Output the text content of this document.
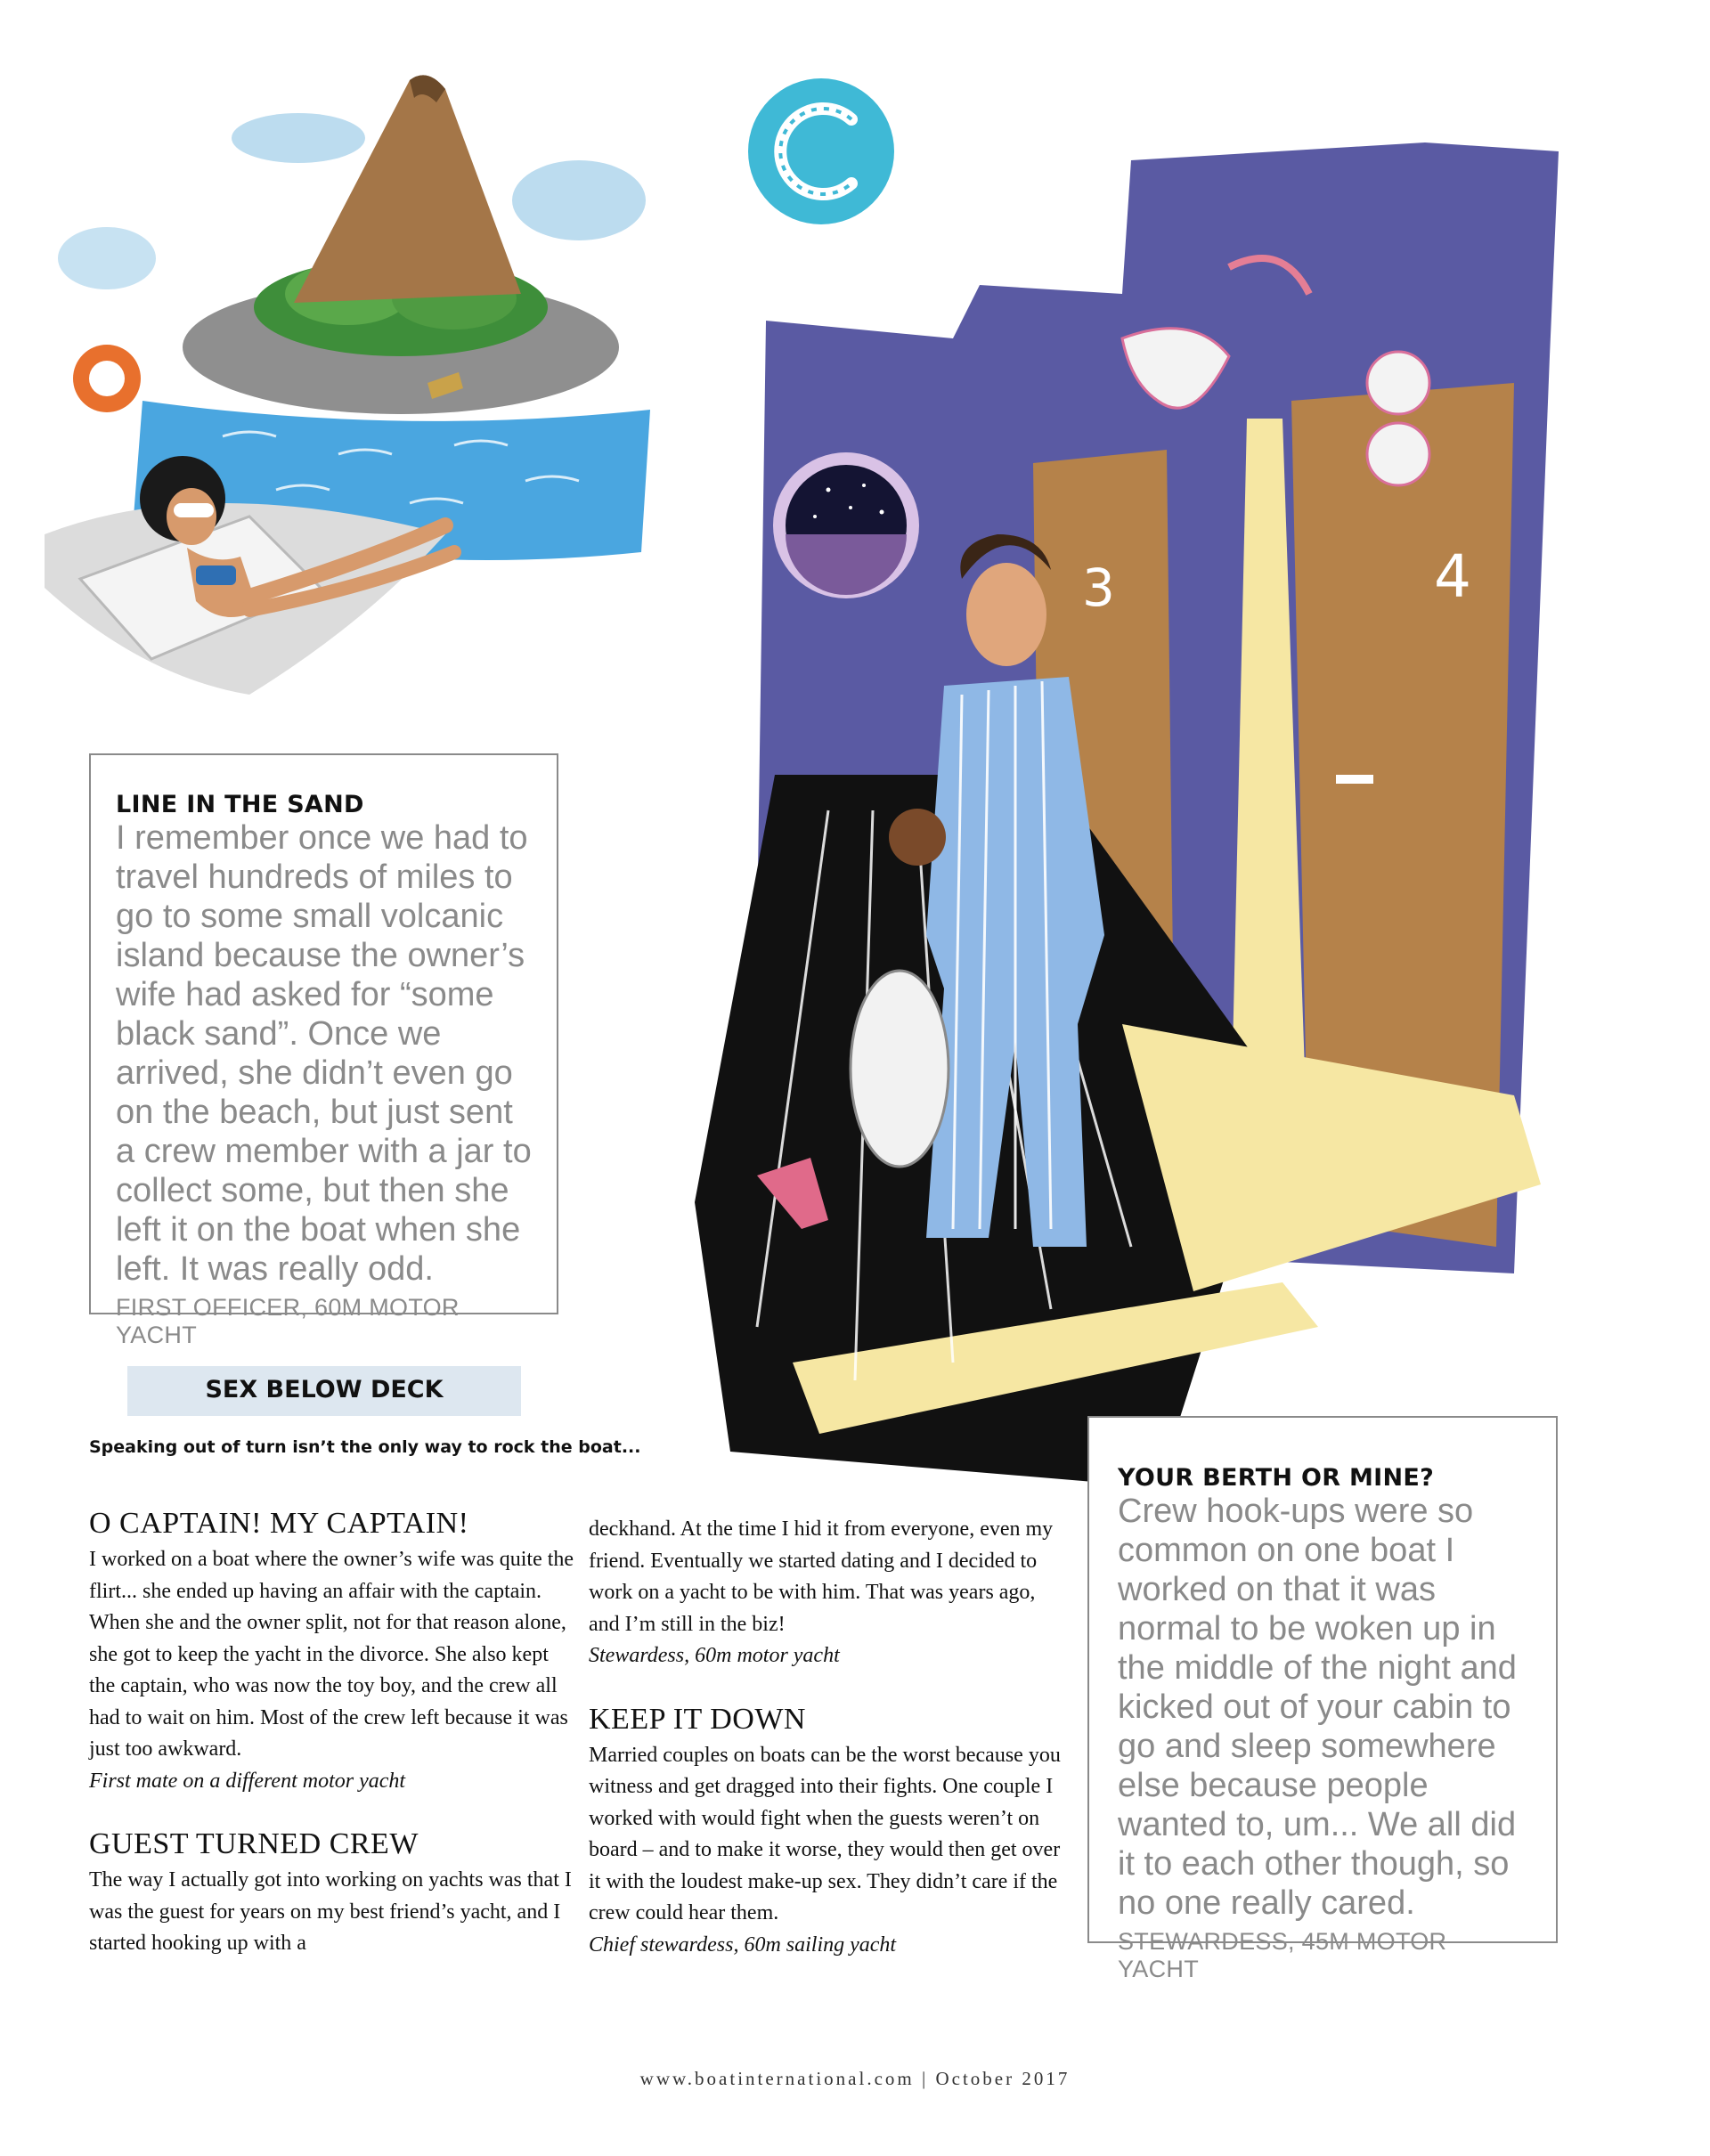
3	4
LINE IN THE SAND
I remember once we had to travel hundreds of miles to go to some small volcanic island because the owner’s wife had asked for “some black sand”. Once we arrived, she didn’t even go on the beach, but just sent a crew member with a jar to collect some, but then she left it on the boat when she left. It was really odd.
FIRST OFFICER, 60M MOTOR YACHT
SEX BELOW DECK
Speaking out of turn isn’t the only way to rock the boat...
O CAPTAIN! MY CAPTAIN!

I worked on a boat where the owner’s wife was quite the flirt... she ended up having an affair with the captain. When she and the owner split, not for that reason alone, she got to keep the yacht in the divorce. She also kept the captain, who was now the toy boy, and the crew all had to wait on him. Most of the crew left because it was just too awkward.

First mate on a different motor yacht
GUEST TURNED CREW

The way I actually got into working on yachts was that I was the guest for years on my best friend’s yacht, and I started hooking up with a

deckhand. At the time I hid it from everyone, even my friend. Eventually we started dating and I decided to work on a yacht to be with him. That was years ago, and I’m still in the biz!

Stewardess, 60m motor yacht
KEEP IT DOWN

Married couples on boats can be the worst because you witness and get dragged into their fights. One couple I worked with would fight when the guests weren’t on board – and to make it worse, they would then get over it with the loudest make-up sex. They didn’t care if the crew could hear them.

Chief stewardess, 60m sailing yacht
YOUR BERTH OR MINE?
Crew hook-ups were so common on one boat I worked on that it was normal to be woken up in the middle of the night and kicked out of your cabin to go and sleep somewhere else because people wanted to, um... We all did it to each other though, so no one really cared.
STEWARDESS, 45M MOTOR YACHT
www.boatinternational.com | October 2017
